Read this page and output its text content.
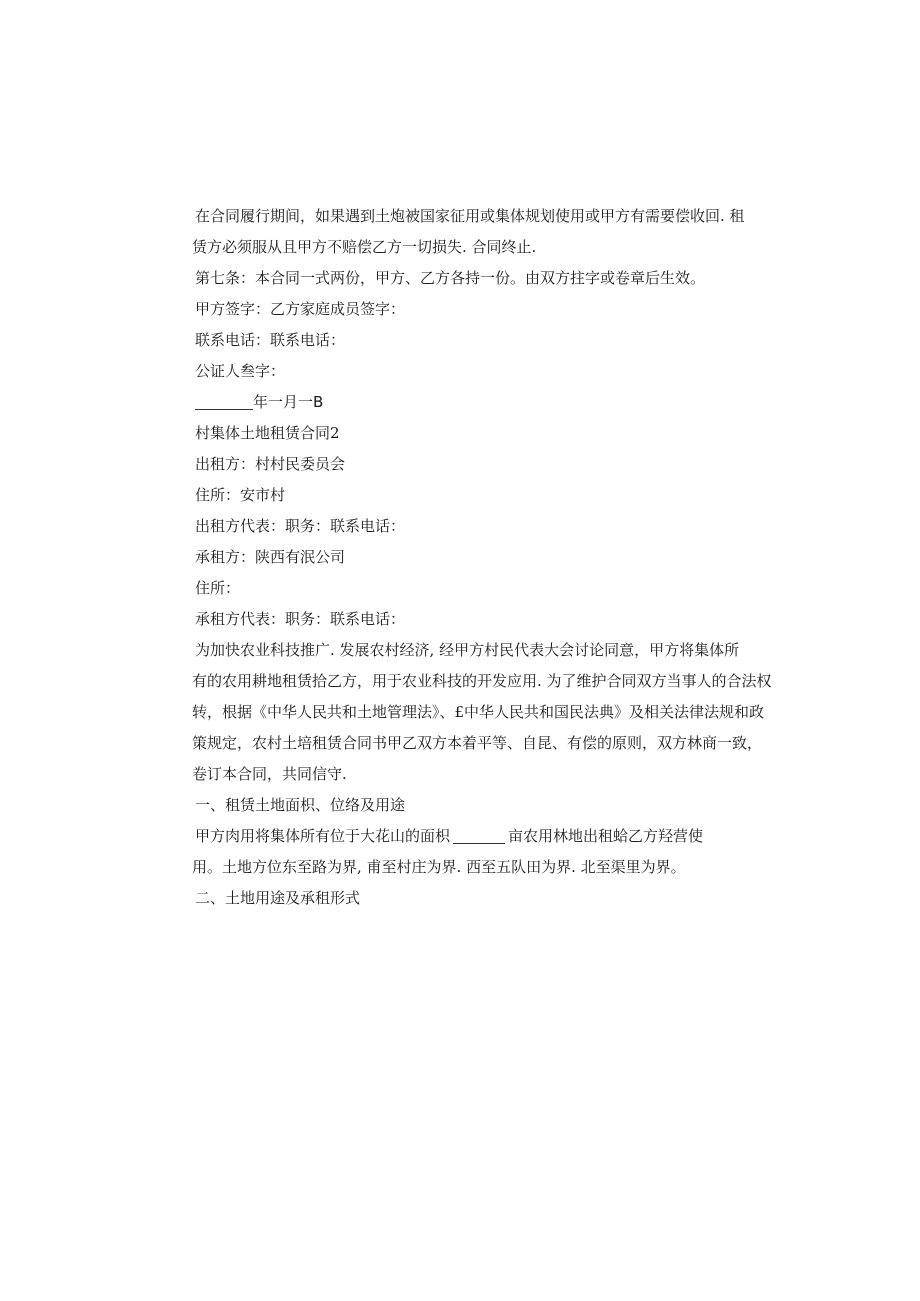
在合同履行期间，如果遇到土炮被国家征用或集体规划使用或甲方有需要偿收回. 租
赁方必须服从且甲方不赔偿乙方一切损失. 合同终止.
第七条：本合同一式两份，甲方、乙方各持一份。由双方拄字或卷章后生效。
甲方签字：乙方家庭成员签字：
联系电话：联系电话：
公证人叁字：
年一月一B
村集体土地租赁合同2
出租方：村村民委员会
住所：安市村
出租方代表：职务：联系电话：
承租方：陕西有泯公司
住所：
承租方代表：职务：联系电话：
为加快农业科技推广. 发展农村经济, 经甲方村民代表大会讨论同意，甲方将集体所
有的农用耕地租赁拾乙方，用于农业科技的开发应用. 为了维护合同双方当事人的合法权
转，根据《中华人民共和土地管理法》、£中华人民共和国民法典》及相关法律法规和政
策规定，农村土培租赁合同书甲乙双方本着平等、自昆、有偿的原则，双方林商一致，
卷订本合同，共同信守.
一、租赁土地面枳、位络及用途
甲方肉用将集体所有位于大花山的面枳	亩农用林地出租蛤乙方羟营使
用。土地方位东至路为界, 甫至村庄为界. 西至五队田为界. 北至渠里为界。
二、土地用途及承租形式
